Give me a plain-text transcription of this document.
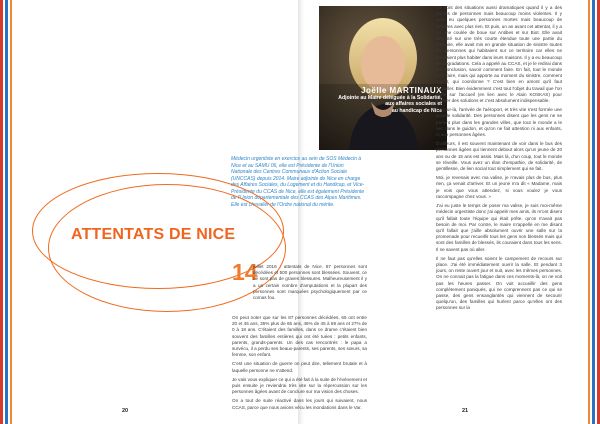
Joëlle MARTINAUX
Adjointe au Maire déléguée à la Solidarité,
aux affaires sociales et
au handicap de Nice
Médecin urgentiste en exercice au sein de SOS Médecin à Nice et au SAMU 06, elle est Présidente de l'Union Nationale des Centres Communaux d'Action Sociale (UNCCAS) depuis 2014. Maire adjointe de Nice en charge des Affaires Sociales, du Logement et du Handicap, et Vice-Présidente du CCAS de Nice, elle est également Présidente de l'Union départementale des CCAS des Alpes Maritimes. Elle est chevalier de l'Ordre national du mérite.
ATTENTATS DE NICE
14

juillet 2016 : attentats de Nice. 87 personnes sont décédées et 500 personnes sont blessées. Souvent, ce ne sont pas de graves blessures. Malheureusement il y a un certain nombre d'amputations et la plupart des personnes sont marquées psychologiquement par ce comas fou.

On peut noter que sur les 87 personnes décédées, 65 ont entre 20 et 45 ans, 35% plus de 65 ans, 46% de 45 à 69 ans et 27% de 0 à 18 ans. C'étaient des familles, dans ce drame c'étaient bien souvent des familles entières qui ont été tuées : petits enfants, parents, grands-parents. Un des cas rencontrés : le papa a survécu, il a perdu ses beaux-parents, ses parents, ses sœurs, sa femme, son enfant.

C'est une situation de guerre on peut dire, tellement brutale et à laquelle personne ne s'attend.

Je vais vous expliquer ce qui a été fait à la suite de l'événement et puis ensuite je reviendrai très vite sur la répercussion sur les personnes âgées avant de conclure sur ma vision des choses.

On a tout de suite réactivé dans les jours qui suivaient, nous CCAS, parce que nous avions vécu les inondations dans le Var.

Ce sont des situations aussi dramatiques quand il y a des parties de personnes mais beaucoup moins violentes. Il y avait eu quelques personnes mortes mais beaucoup de sinistres avec plus rien. Et puis, un an avant cet attentat, il y a eu une coulée de boue sur Antibes et sur Biot. Elle avait dévasté sur une très courte étendue toute une partie du territoire, elle avait mis en grande situation de sinistre toutes les personnes qui habitaient sur ce territoire car elles ne pouvaient plus habiter dans leurs maisons. Il y a eu beaucoup de dégradations. Cela a appelé au CCAS, et je le redirai dans ma conclusion, savoir comment faire. En fait, tout le monde veut faire, mais qui apporte au moment du sinistre, comment savoir, qui coordonne ? C'est bien en amont qu'il faut travailler. Bien évidemment c'est tout l'objet du travail que l'on porte sur l'accueil (en lien avec le Alain KOSKAS) pour trouver des solutions et c'est absolument indispensable.

Ce jour-là, l'arrivée de l'aéroport, et très vite s'est formée une grande solidarité. Des personnes disent que les gens ne se parlent plus dans les grandes villes, que tout le monde a le nez dans le guidon, et qu'on ne fait attention ni aux enfants, ni aux personnes âgées.

D'ailleurs, il est souvent maintenant de voir dans le bus des personnes âgées qui tiennent debout alors qu'un jeune de 20 ans ou de 15 ans est assis. Mais là, d'un coup, tout le monde se réveille. Vous avez un élan d'empathie, de solidarité, de gentillesse, de lien social tout simplement qui se fait.

Moi, je revenais avec ma valise, je n'avais plus de bus, plus rien, ça venait d'arriver. Et un jeune m'a dit « Madame, mais je vois que vous attendez, si vous voulez je vous raccompagne chez vous. »

J'ai eu juste le temps de poser ma valise, je suis moi-même médecin urgentiste donc j'ai appelé mes amis, ils m'ont disent qu'il fallait toute l'équipe qui était prête, qu'on n'avait pas besoin de moi. Par contre, le maire m'appelle en me disant qu'il fallait que j'aille absolument ouvrir une salle sur la promenade pour recueillir tous les gens non blessés mais qui sont des familles de blessés, ils couraient dans tous les sens. Il ne savent pas où aller.

Il ne faut pas qu'elles soient le campement de recours sur place. J'ai été immédiatement ouvrir la salle. Et pendant 3 jours, on reste ouvert jour et nuit, avec les mêmes personnes. On ne connait pas la fatigue dans ces moments-là, on ne voit pas les heures passer. On voit accueillir des gens complètement paniqués, qui ne comprennent pas ce qui se passe, des gens ensanglantés qui viennent de secourir quelqu'un, des familles qui hurlent parce qu'elles ont des personnes sur la

20	21
